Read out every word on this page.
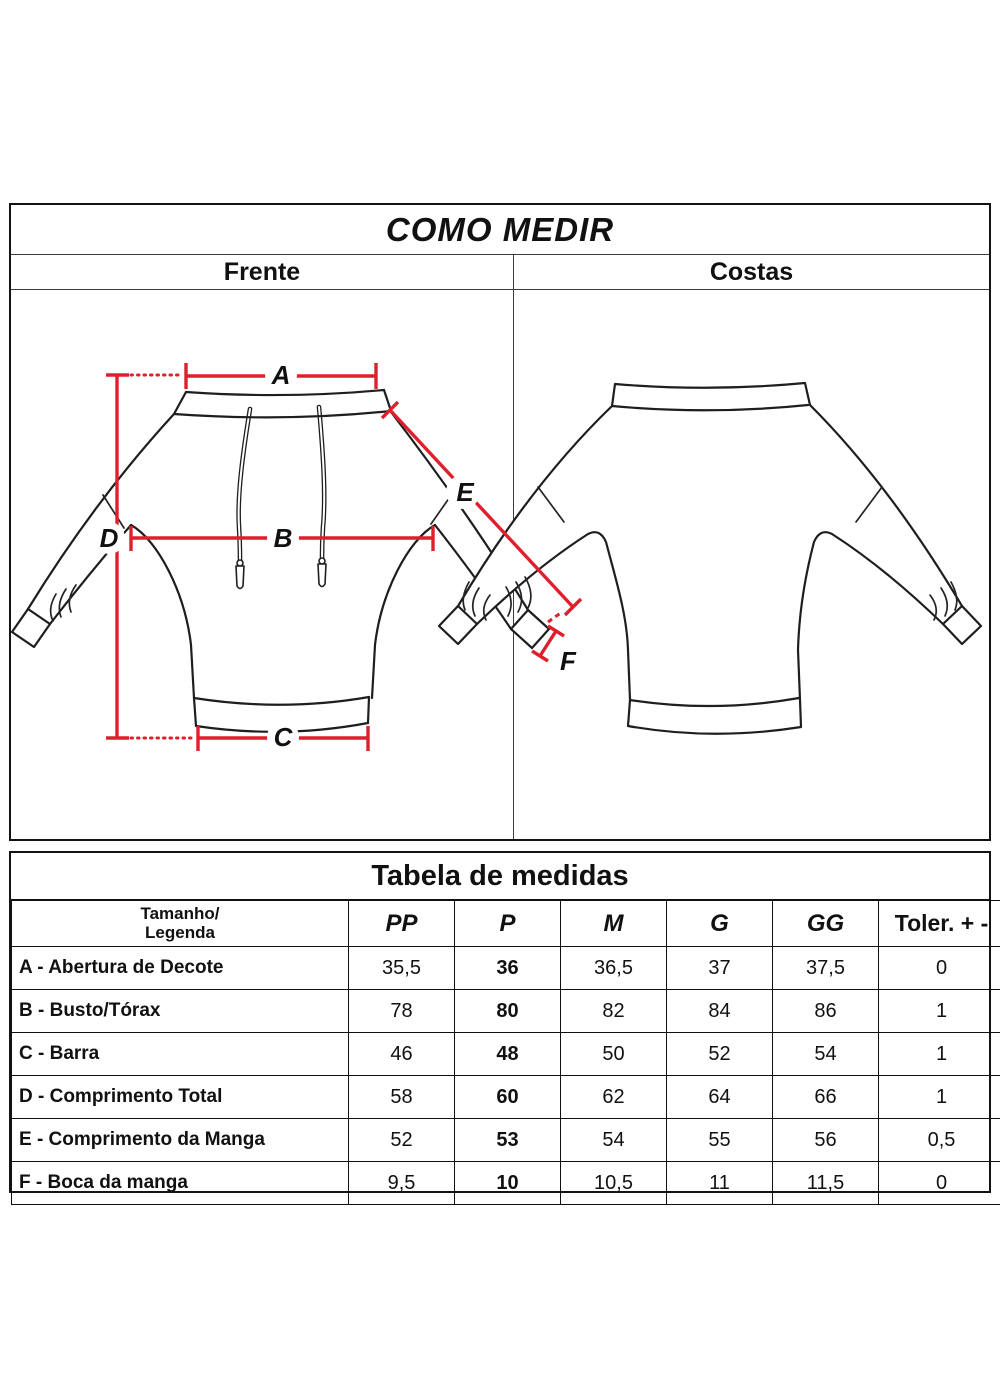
COMO MEDIR
Frente	Costas
A
B
C
D
E
F
Tabela de medidas
Tamanho/
Legenda	PP	P	M	G	GG	Toler. + -
A - Abertura de Decote	35,5	36	36,5	37	37,5	0
B - Busto/Tórax	78	80	82	84	86	1
C - Barra	46	48	50	52	54	1
D - Comprimento Total	58	60	62	64	66	1
E - Comprimento da Manga	52	53	54	55	56	0,5
F - Boca da manga	9,5	10	10,5	11	11,5	0
